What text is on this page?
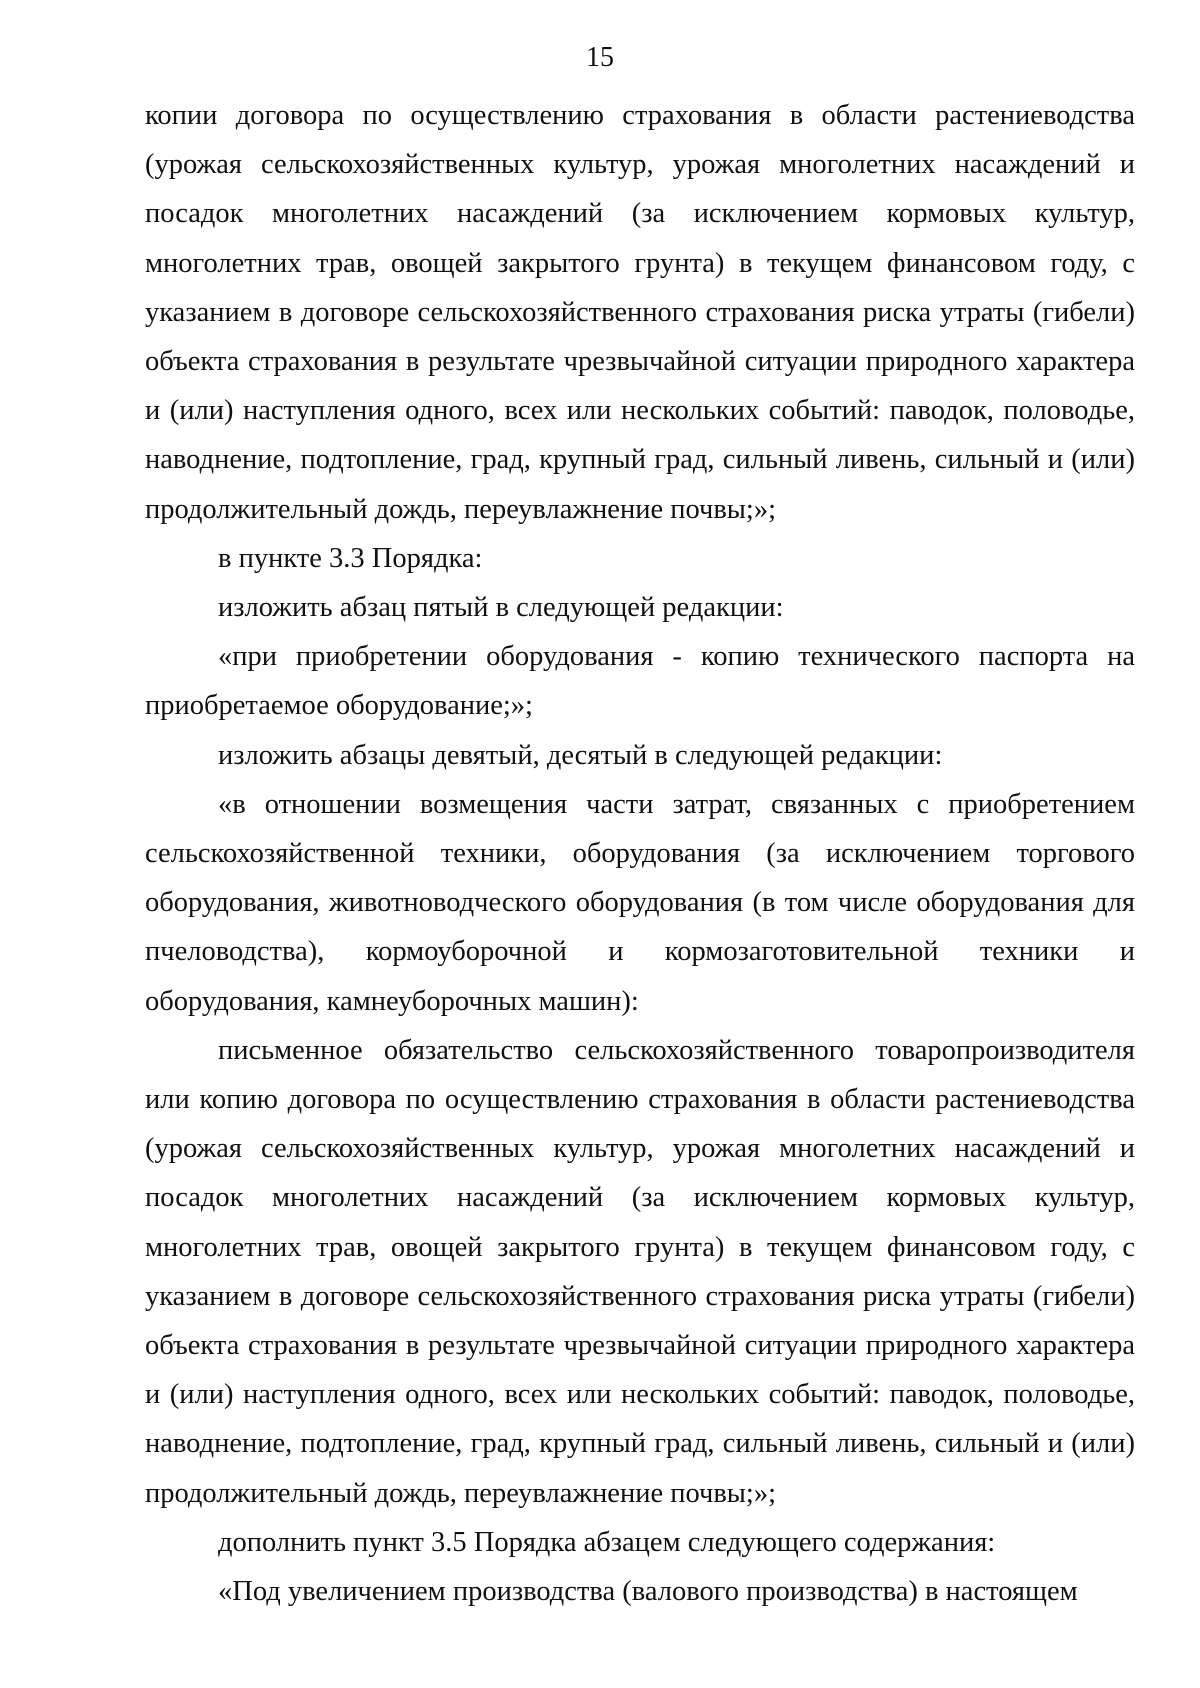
15

копии договора по осуществлению страхования в области растениеводства (урожая сельскохозяйственных культур, урожая многолетних насаждений и посадок многолетних насаждений (за исключением кормовых культур, многолетних трав, овощей закрытого грунта) в текущем финансовом году, с указанием в договоре сельскохозяйственного страхования риска утраты (гибели) объекта страхования в результате чрезвычайной ситуации природного характера и (или) наступления одного, всех или нескольких событий: паводок, половодье, наводнение, подтопление, град, крупный град, сильный ливень, сильный и (или) продолжительный дождь, переувлажнение почвы;»;

в пункте 3.3 Порядка:

изложить абзац пятый в следующей редакции:

«при приобретении оборудования - копию технического паспорта на приобретаемое оборудование;»;

изложить абзацы девятый, десятый в следующей редакции:

«в отношении возмещения части затрат, связанных с приобретением сельскохозяйственной техники, оборудования (за исключением торгового оборудования, животноводческого оборудования (в том числе оборудования для пчеловодства), кормоуборочной и кормозаготовительной техники и оборудования, камнеуборочных машин):

письменное обязательство сельскохозяйственного товаропроизводителя или копию договора по осуществлению страхования в области растениеводства (урожая сельскохозяйственных культур, урожая многолетних насаждений и посадок многолетних насаждений (за исключением кормовых культур, многолетних трав, овощей закрытого грунта) в текущем финансовом году, с указанием в договоре сельскохозяйственного страхования риска утраты (гибели) объекта страхования в результате чрезвычайной ситуации природного характера и (или) наступления одного, всех или нескольких событий: паводок, половодье, наводнение, подтопление, град, крупный град, сильный ливень, сильный и (или) продолжительный дождь, переувлажнение почвы;»;

дополнить пункт 3.5 Порядка абзацем следующего содержания:

«Под увеличением производства (валового производства) в настоящем
